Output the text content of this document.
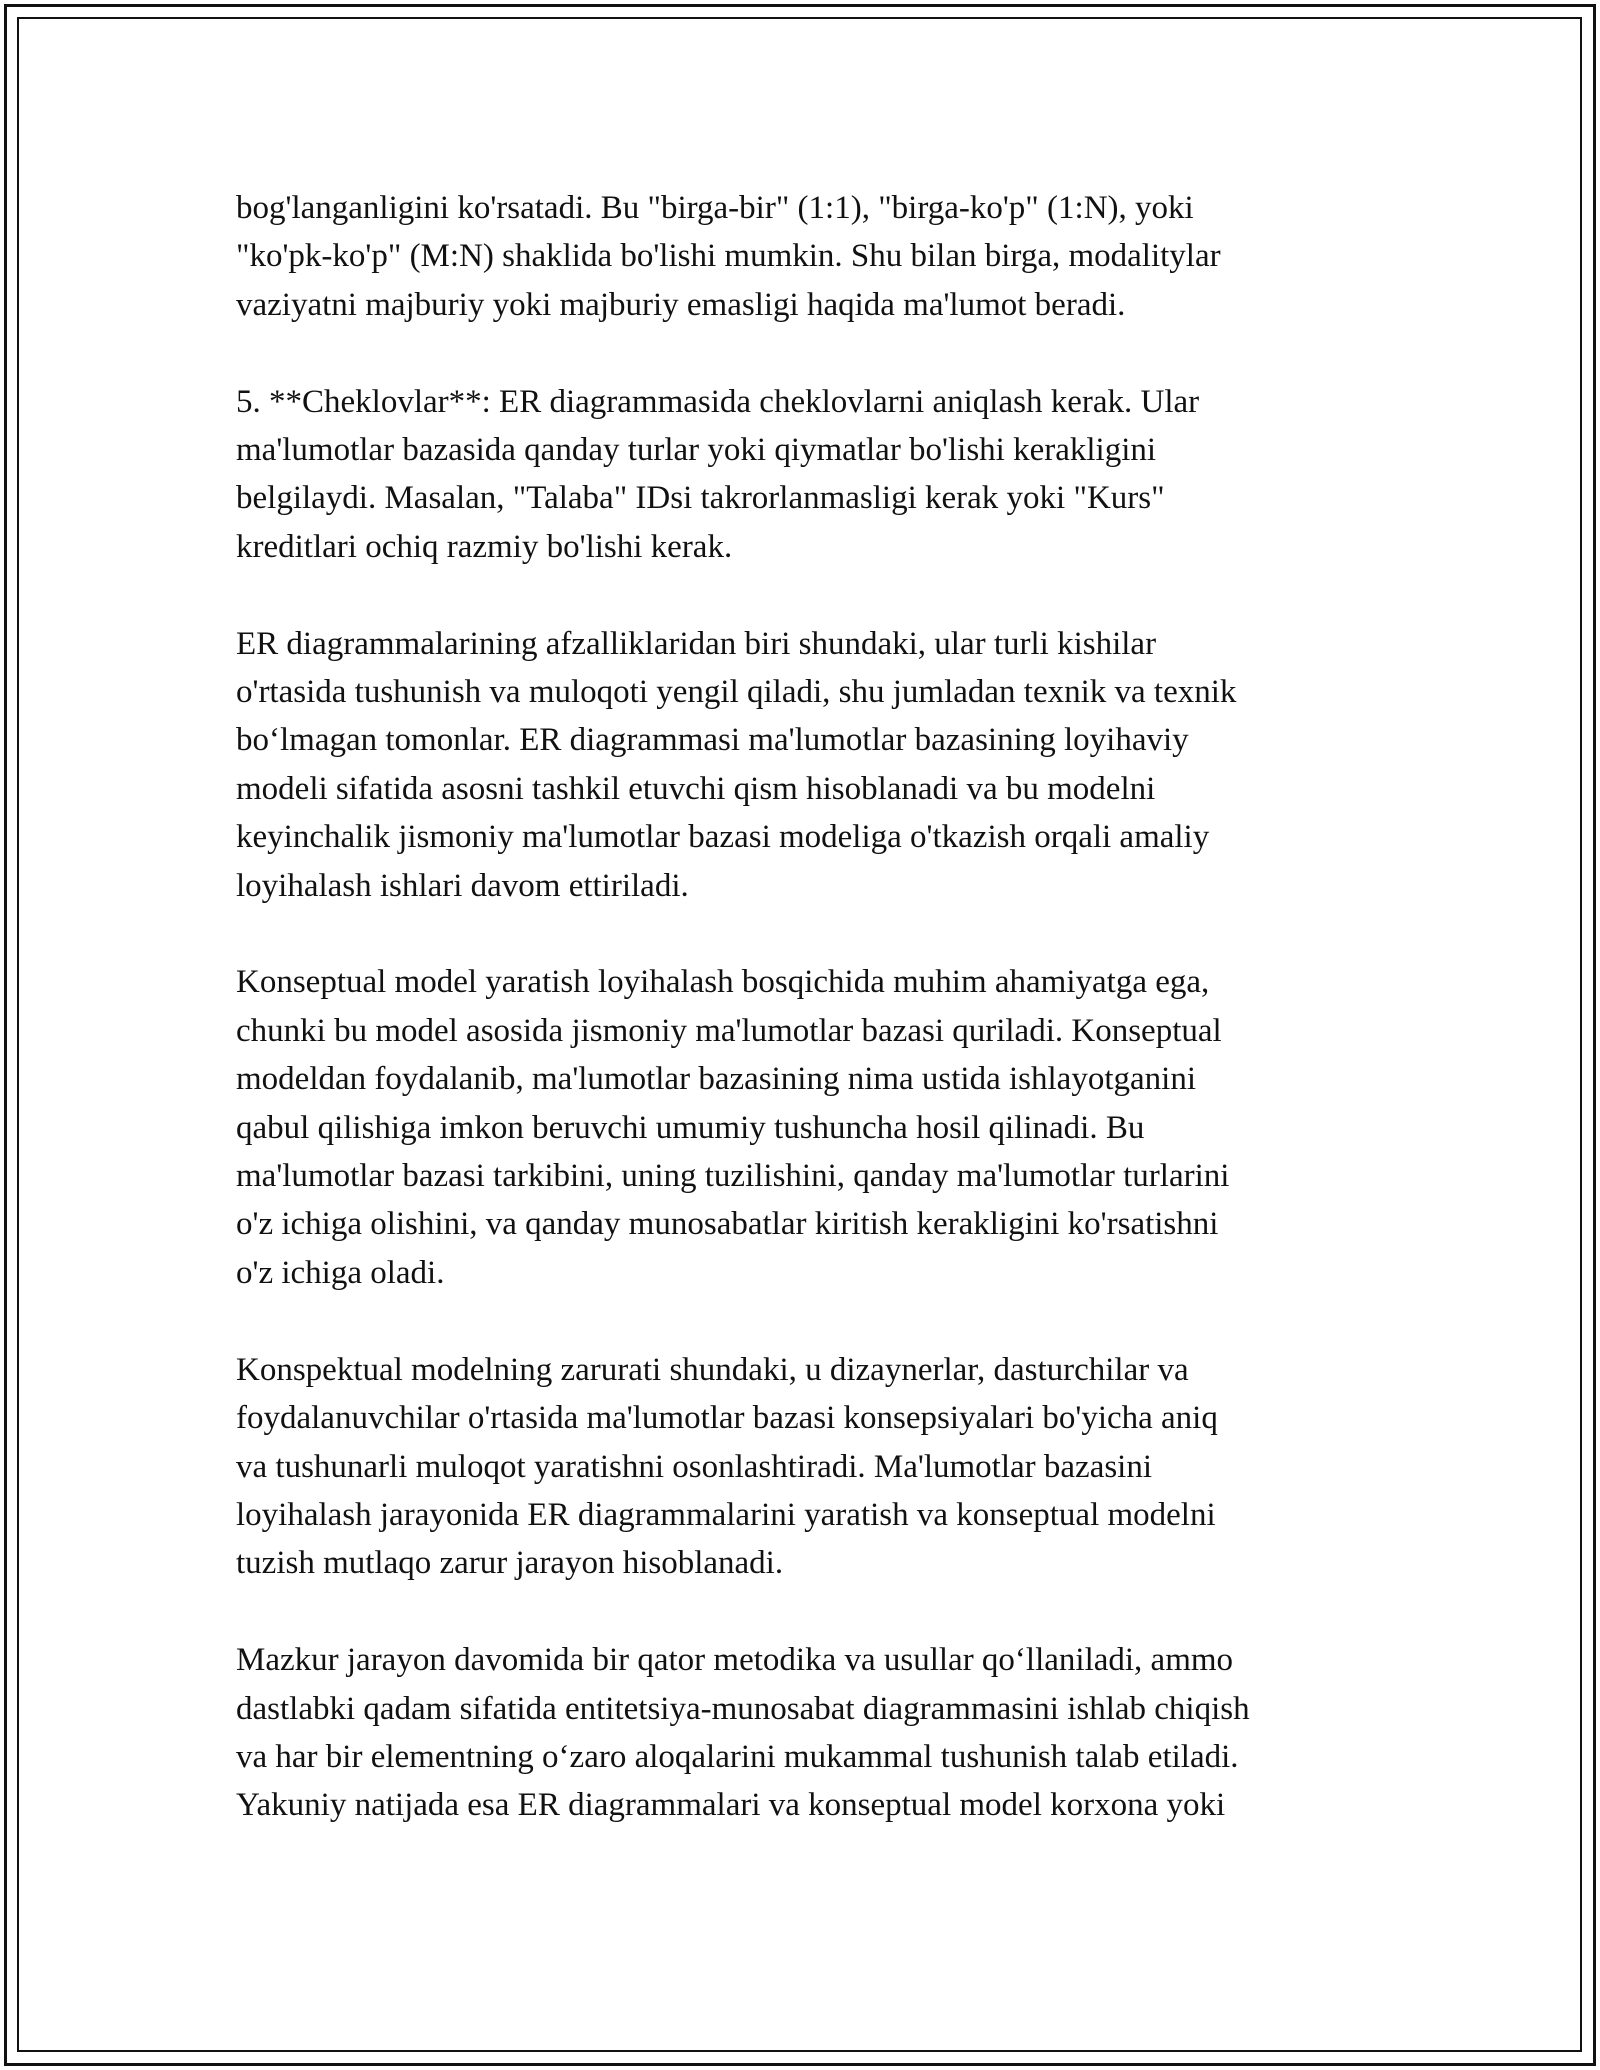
bog'langanligini ko'rsatadi. Bu "birga-bir" (1:1), "birga-ko'p" (1:N), yoki
"ko'pk-ko'p" (M:N) shaklida bo'lishi mumkin. Shu bilan birga, modalitylar
vaziyatni majburiy yoki majburiy emasligi haqida ma'lumot beradi.

5. **Cheklovlar**: ER diagrammasida cheklovlarni aniqlash kerak. Ular
ma'lumotlar bazasida qanday turlar yoki qiymatlar bo'lishi kerakligini
belgilaydi. Masalan, "Talaba" IDsi takrorlanmasligi kerak yoki "Kurs"
kreditlari ochiq razmiy bo'lishi kerak.

ER diagrammalarining afzalliklaridan biri shundaki, ular turli kishilar
o'rtasida tushunish va muloqoti yengil qiladi, shu jumladan texnik va texnik
bo‘lmagan tomonlar. ER diagrammasi ma'lumotlar bazasining loyihaviy
modeli sifatida asosni tashkil etuvchi qism hisoblanadi va bu modelni
keyinchalik jismoniy ma'lumotlar bazasi modeliga o'tkazish orqali amaliy
loyihalash ishlari davom ettiriladi.

Konseptual model yaratish loyihalash bosqichida muhim ahamiyatga ega,
chunki bu model asosida jismoniy ma'lumotlar bazasi quriladi. Konseptual
modeldan foydalanib, ma'lumotlar bazasining nima ustida ishlayotganini
qabul qilishiga imkon beruvchi umumiy tushuncha hosil qilinadi. Bu
ma'lumotlar bazasi tarkibini, uning tuzilishini, qanday ma'lumotlar turlarini
o'z ichiga olishini, va qanday munosabatlar kiritish kerakligini ko'rsatishni
o'z ichiga oladi.

Konspektual modelning zarurati shundaki, u dizaynerlar, dasturchilar va
foydalanuvchilar o'rtasida ma'lumotlar bazasi konsepsiyalari bo'yicha aniq
va tushunarli muloqot yaratishni osonlashtiradi. Ma'lumotlar bazasini
loyihalash jarayonida ER diagrammalarini yaratish va konseptual modelni
tuzish mutlaqo zarur jarayon hisoblanadi.

Mazkur jarayon davomida bir qator metodika va usullar qo‘llaniladi, ammo
dastlabki qadam sifatida entitetsiya-munosabat diagrammasini ishlab chiqish
va har bir elementning o‘zaro aloqalarini mukammal tushunish talab etiladi.
Yakuniy natijada esa ER diagrammalari va konseptual model korxona yoki
